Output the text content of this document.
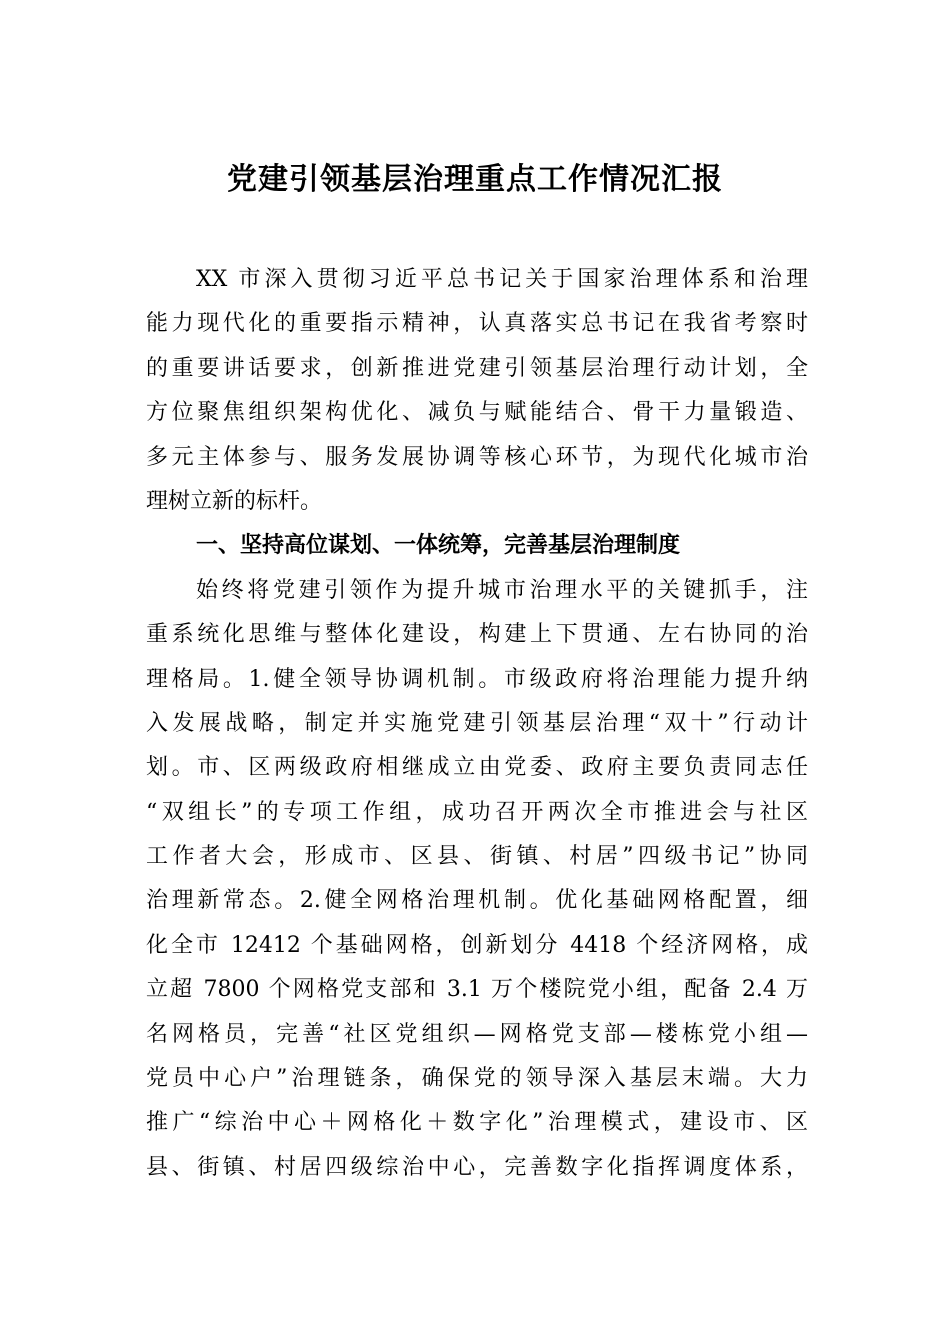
党建引领基层治理重点工作情况汇报
XX 市深入贯彻习近平总书记关于国家治理体系和治理
能力现代化的重要指示精神，认真落实总书记在我省考察时
的重要讲话要求，创新推进党建引领基层治理行动计划，全
方位聚焦组织架构优化、减负与赋能结合、骨干力量锻造、
多元主体参与、服务发展协调等核心环节，为现代化城市治
理树立新的标杆。
一、坚持高位谋划、一体统筹，完善基层治理制度
始终将党建引领作为提升城市治理水平的关键抓手，注
重系统化思维与整体化建设，构建上下贯通、左右协同的治
理格局。1.健全领导协调机制。市级政府将治理能力提升纳
入发展战略，制定并实施党建引领基层治理“双十”行动计
划。市、区两级政府相继成立由党委、政府主要负责同志任
“双组长”的专项工作组，成功召开两次全市推进会与社区
工作者大会，形成市、区县、街镇、村居”四级书记”协同
治理新常态。2.健全网格治理机制。优化基础网格配置，细
化全市 12412 个基础网格，创新划分 4418 个经济网格，成
立超 7800 个网格党支部和 3.1 万个楼院党小组，配备 2.4 万
名网格员，完善“社区党组织—网格党支部—楼栋党小组—
党员中心户”治理链条，确保党的领导深入基层末端。大力
推广“综治中心＋网格化＋数字化”治理模式，建设市、区
县、街镇、村居四级综治中心，完善数字化指挥调度体系，
